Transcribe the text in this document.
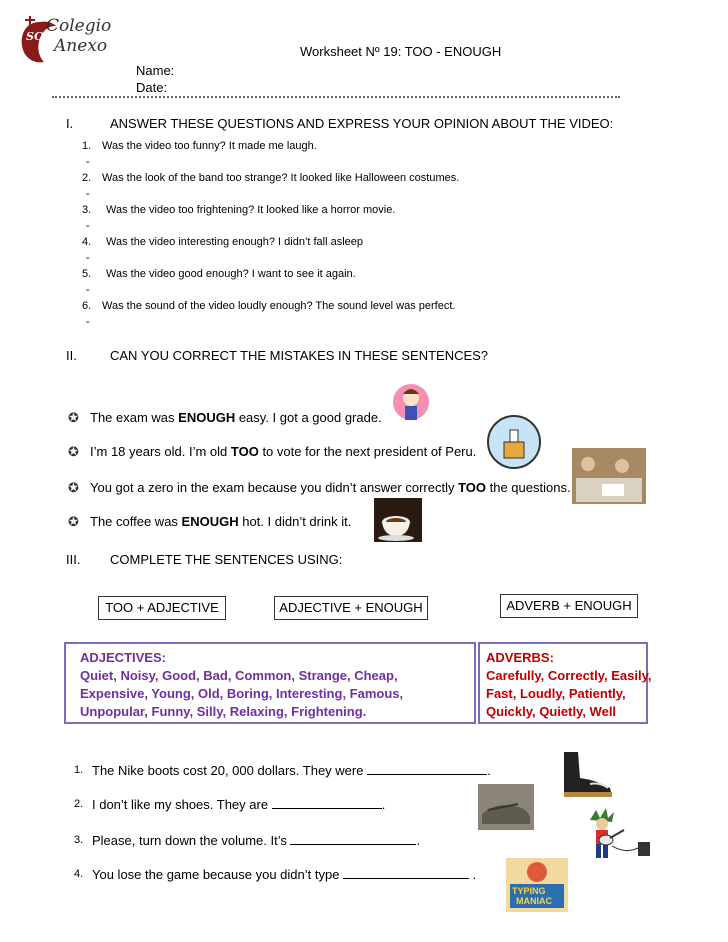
SC
Colegio
Anexo	Worksheet Nº 19: TOO - ENOUGH
Name:
Date:
I.	ANSWER THESE QUESTIONS AND EXPRESS YOUR OPINION ABOUT THE VIDEO:
1. Was the video too funny? It made me laugh.
-
2. Was the look of the band too strange? It looked like Halloween costumes.
-
3. Was the video too frightening? It looked like a horror movie.
-
4. Was the video interesting enough? I didn’t fall asleep
-
5. Was the video good enough? I want to see it again.
-
6. Was the sound of the video loudly enough? The sound level was perfect.
-
II.	CAN YOU CORRECT THE MISTAKES IN THESE SENTENCES?
✪ The exam was ENOUGH easy. I got a good grade.
✪ I’m 18 years old. I’m old TOO to vote for the next president of Peru.
✪ You got a zero in the exam because you didn’t answer correctly TOO the questions.
✪ The coffee was ENOUGH hot. I didn’t drink it.
III. COMPLETE THE SENTENCES USING:
TOO + ADJECTIVE	ADJECTIVE + ENOUGH	ADVERB + ENOUGH
ADJECTIVES:
Quiet, Noisy, Good, Bad, Common, Strange, Cheap,
Expensive, Young, Old, Boring, Interesting, Famous,
Unpopular, Funny, Silly, Relaxing, Frightening.
ADVERBS:
Carefully, Correctly, Easily,
Fast, Loudly, Patiently,
Quickly, Quietly, Well
1. The Nike boots cost 20, 000 dollars. They were	.
2. I don’t like my shoes. They are	.
3. Please, turn down the volume. It’s	.
4. You lose the game because you didn’t type	.
TYPING
MANIAC
